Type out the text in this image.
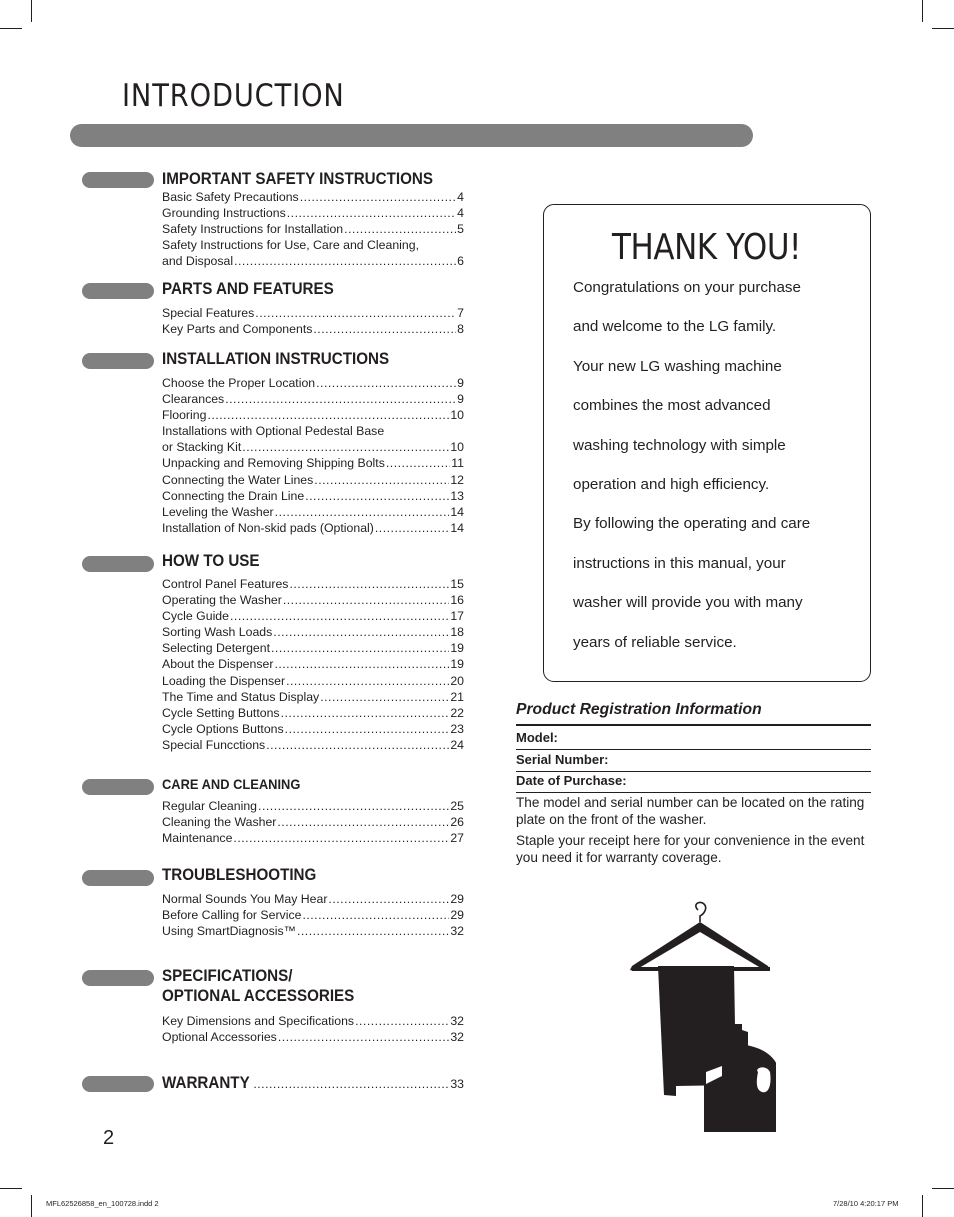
INTRODUCTION
IMPORTANT SAFETY INSTRUCTIONS
Basic Safety Precautions .....	4
Grounding Instructions .....	4
Safety Instructions for Installation .....	5
Safety Instructions for Use, Care and Cleaning,
and Disposal .....	6
PARTS AND FEATURES
Special Features .....	7
Key Parts and Components .....	8
INSTALLATION INSTRUCTIONS
Choose the Proper Location .....	9
Clearances .....	9
Flooring .....	10
Installations with Optional Pedestal Base
or Stacking Kit .....	10
Unpacking and Removing Shipping Bolts .....	11
Connecting the Water Lines .....	12
Connecting the Drain Line .....	13
Leveling the Washer .....	14
Installation of Non-skid pads (Optional) .....	14
HOW TO USE
Control Panel Features .....	15
Operating the Washer .....	16
Cycle Guide .....	17
Sorting Wash Loads .....	18
Selecting Detergent .....	19
About the Dispenser .....	19
Loading the Dispenser .....	20
The Time and Status Display .....	21
Cycle Setting Buttons .....	22
Cycle Options Buttons .....	23
Special Funcctions .....	24
CARE AND CLEANING
Regular Cleaning .....	25
Cleaning the Washer .....	26
Maintenance .....	27
TROUBLESHOOTING
Normal Sounds You May Hear .....	29
Before Calling for Service .....	29
Using SmartDiagnosis™ .....	32
SPECIFICATIONS/
OPTIONAL ACCESSORIES
Key Dimensions and Specifications .....	32
Optional Accessories .....	32
WARRANTY .....	33
2
THANK YOU!
Congratulations on your purchase
and welcome to the LG family.
Your new LG washing machine
combines the most advanced
washing technology with simple
operation and high efficiency.
By following the operating and care
instructions in this manual, your
washer will provide you with many
years of reliable service.
Product Registration Information
Model:
Serial Number:
Date of Purchase:
The model and serial number can be located on the rating plate on the front of the washer.
Staple your receipt here for your convenience in the event you need it for warranty coverage.
MFL62526858_en_100728.indd 2	7/28/10 4:20:17 PM
